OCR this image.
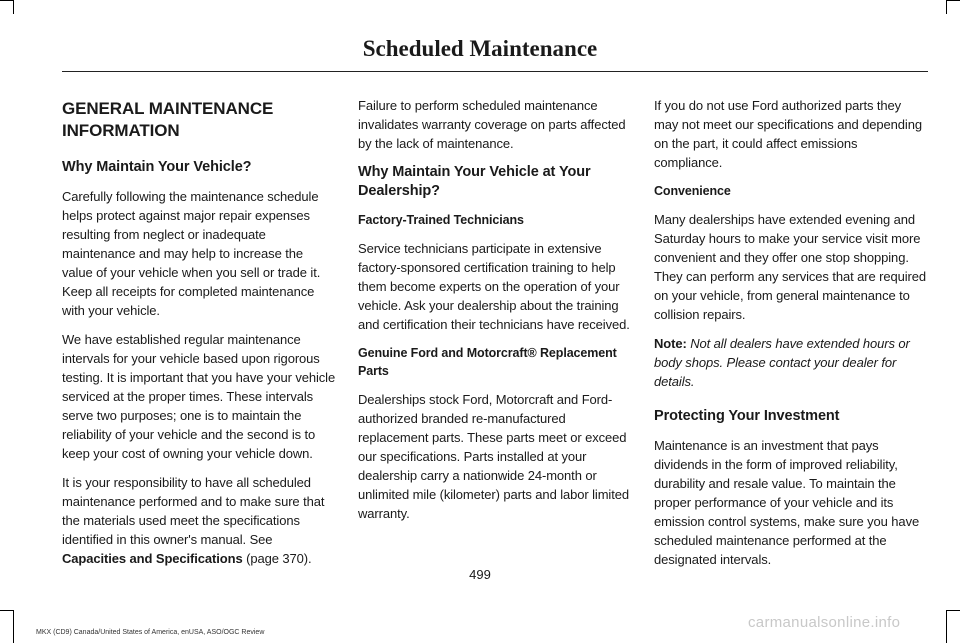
Scheduled Maintenance
GENERAL MAINTENANCE INFORMATION
Why Maintain Your Vehicle?

Carefully following the maintenance schedule helps protect against major repair expenses resulting from neglect or inadequate maintenance and may help to increase the value of your vehicle when you sell or trade it. Keep all receipts for completed maintenance with your vehicle.

We have established regular maintenance intervals for your vehicle based upon rigorous testing. It is important that you have your vehicle serviced at the proper times. These intervals serve two purposes; one is to maintain the reliability of your vehicle and the second is to keep your cost of owning your vehicle down.

It is your responsibility to have all scheduled maintenance performed and to make sure that the materials used meet the specifications identified in this owner's manual. See Capacities and Specifications (page 370).

Failure to perform scheduled maintenance invalidates warranty coverage on parts affected by the lack of maintenance.

Why Maintain Your Vehicle at Your Dealership?
Factory-Trained Technicians

Service technicians participate in extensive factory-sponsored certification training to help them become experts on the operation of your vehicle. Ask your dealership about the training and certification their technicians have received.

Genuine Ford and Motorcraft® Replacement Parts

Dealerships stock Ford, Motorcraft and Ford-authorized branded re-manufactured replacement parts. These parts meet or exceed our specifications. Parts installed at your dealership carry a nationwide 24-month or unlimited mile (kilometer) parts and labor limited warranty.

If you do not use Ford authorized parts they may not meet our specifications and depending on the part, it could affect emissions compliance.

Convenience

Many dealerships have extended evening and Saturday hours to make your service visit more convenient and they offer one stop shopping. They can perform any services that are required on your vehicle, from general maintenance to collision repairs.

Note: Not all dealers have extended hours or body shops. Please contact your dealer for details.

Protecting Your Investment

Maintenance is an investment that pays dividends in the form of improved reliability, durability and resale value. To maintain the proper performance of your vehicle and its emission control systems, make sure you have scheduled maintenance performed at the designated intervals.

499
MKX (CD9) Canada/United States of America, enUSA, ASO/OGC Review
carmanualsonline.info
